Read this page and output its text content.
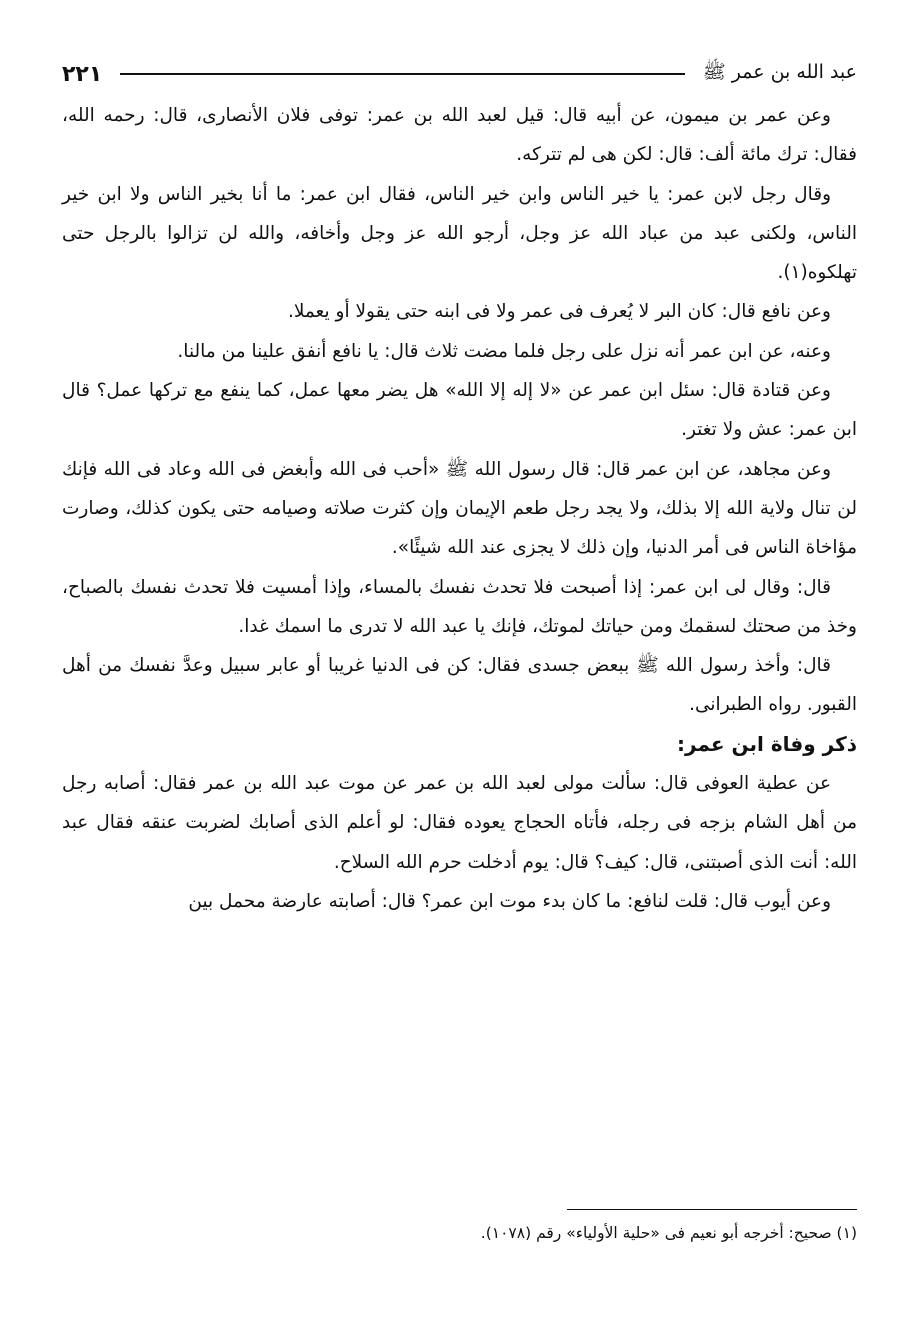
عبد الله بن عمر ﷺ
٢٢١

وعن عمر بن ميمون، عن أبيه قال: قيل لعبد الله بن عمر: توفى فلان الأنصارى، قال: رحمه الله، فقال: ترك مائة ألف: قال: لكن هى لم تتركه.

وقال رجل لابن عمر: يا خير الناس وابن خير الناس، فقال ابن عمر: ما أنا بخير الناس ولا ابن خير الناس، ولكنى عبد من عباد الله عز وجل، أرجو الله عز وجل وأخافه، والله لن تزالوا بالرجل حتى تهلكوه(١).

وعن نافع قال: كان البر لا يُعرف فى عمر ولا فى ابنه حتى يقولا أو يعملا.

وعنه، عن ابن عمر أنه نزل على رجل فلما مضت ثلاث قال: يا نافع أنفق علينا من مالنا.

وعن قتادة قال: سئل ابن عمر عن «لا إله إلا الله» هل يضر معها عمل، كما ينفع مع تركها عمل؟ قال ابن عمر: عش ولا تغتر.

وعن مجاهد، عن ابن عمر قال: قال رسول الله ﷺ «أحب فى الله وأبغض فى الله وعاد فى الله فإنك لن تنال ولاية الله إلا بذلك، ولا يجد رجل طعم الإيمان وإن كثرت صلاته وصيامه حتى يكون كذلك، وصارت مؤاخاة الناس فى أمر الدنيا، وإن ذلك لا يجزى عند الله شيئًا».

قال: وقال لى ابن عمر: إذا أصبحت فلا تحدث نفسك بالمساء، وإذا أمسيت فلا تحدث نفسك بالصباح، وخذ من صحتك لسقمك ومن حياتك لموتك، فإنك يا عبد الله لا تدرى ما اسمك غدا.

قال: وأخذ رسول الله ﷺ ببعض جسدى فقال: كن فى الدنيا غريبا أو عابر سبيل وعدَّ نفسك من أهل القبور. رواه الطبرانى.

ذكر وفاة ابن عمر:

عن عطية العوفى قال: سألت مولى لعبد الله بن عمر عن موت عبد الله بن عمر فقال: أصابه رجل من أهل الشام بزجه فى رجله، فأتاه الحجاج يعوده فقال: لو أعلم الذى أصابك لضربت عنقه فقال عبد الله: أنت الذى أصبتنى، قال: كيف؟ قال: يوم أدخلت حرم الله السلاح.

وعن أيوب قال: قلت لنافع: ما كان بدء موت ابن عمر؟ قال: أصابته عارضة محمل بين

(١) صحيح: أخرجه أبو نعيم فى «حلية الأولياء» رقم (١٠٧٨).
